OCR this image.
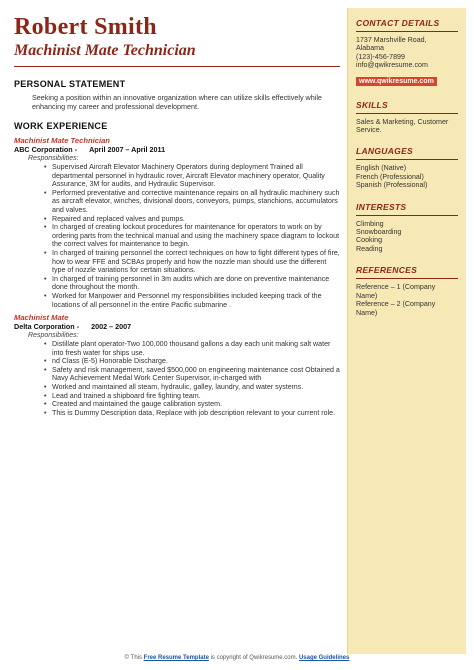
Robert Smith
Machinist Mate Technician
PERSONAL STATEMENT
Seeking a position within an innovative organization where can utilize skills effectively while enhancing my career and professional development.
WORK EXPERIENCE
Machinist Mate Technician
ABC Corporation - April 2007 – April 2011
Responsibilities:
• Supervised Aircraft Elevator Machinery Operators during deployment Trained all departmental personnel in hydraulic rover, Aircraft Elevator machinery operator, Quality Assurance, 3M for audits, and Hydraulic Supervisor.
• Performed preventative and corrective maintenance repairs on all hydraulic machinery such as aircraft elevator, winches, divisional doors, conveyors, pumps, stanchions, accumulators and valves.
• Repaired and replaced valves and pumps.
• In charged of creating lockout procedures for maintenance for operators to work on by ordering parts from the technical manual and using the machinery space diagram to lockout the correct valves for maintenance to begin.
• In charged of training personnel the correct techniques on how to fight different types of fire, how to wear FFE and SCBAs properly and how the nozzle man should use the different type of nozzle variations for certain situations.
• In charged of training personnel in 3m audits which are done on preventive maintenance done throughout the month.
• Worked for Manpower and Personnel my responsibilities included keeping track of the locations of all personnel in the entire Pacific submarine .
Machinist Mate
Delta Corporation - 2002 – 2007
Responsibilities:
• Distillate plant operator-Two 100,000 thousand gallons a day each unit making salt water into fresh water for ships use.
• nd Class (E-5) Honorable Discharge.
• Safety and risk management, saved $500,000 on engineering maintenance cost Obtained a Navy Achievement Medal Work Center Supervisor, in-charged with
• Worked and maintained all steam, hydraulic, galley, laundry, and water systems.
• Lead and trained a shipboard fire fighting team.
• Created and maintained the gauge calibration system.
• This is Dummy Description data, Replace with job description relevant to your current role.
CONTACT DETAILS
1737 Marshville Road,
Alabama
(123)-456-7899
info@qwikresume.com
www.qwikresume.com
SKILLS
Sales & Marketing, Customer Service.
LANGUAGES
English (Native)
French (Professional)
Spanish (Professional)
INTERESTS
Climbing
Snowboarding
Cooking
Reading
REFERENCES
Reference – 1 (Company Name)
Reference – 2 (Company Name)
© This Free Resume Template is copyright of Qwikresume.com. Usage Guidelines
